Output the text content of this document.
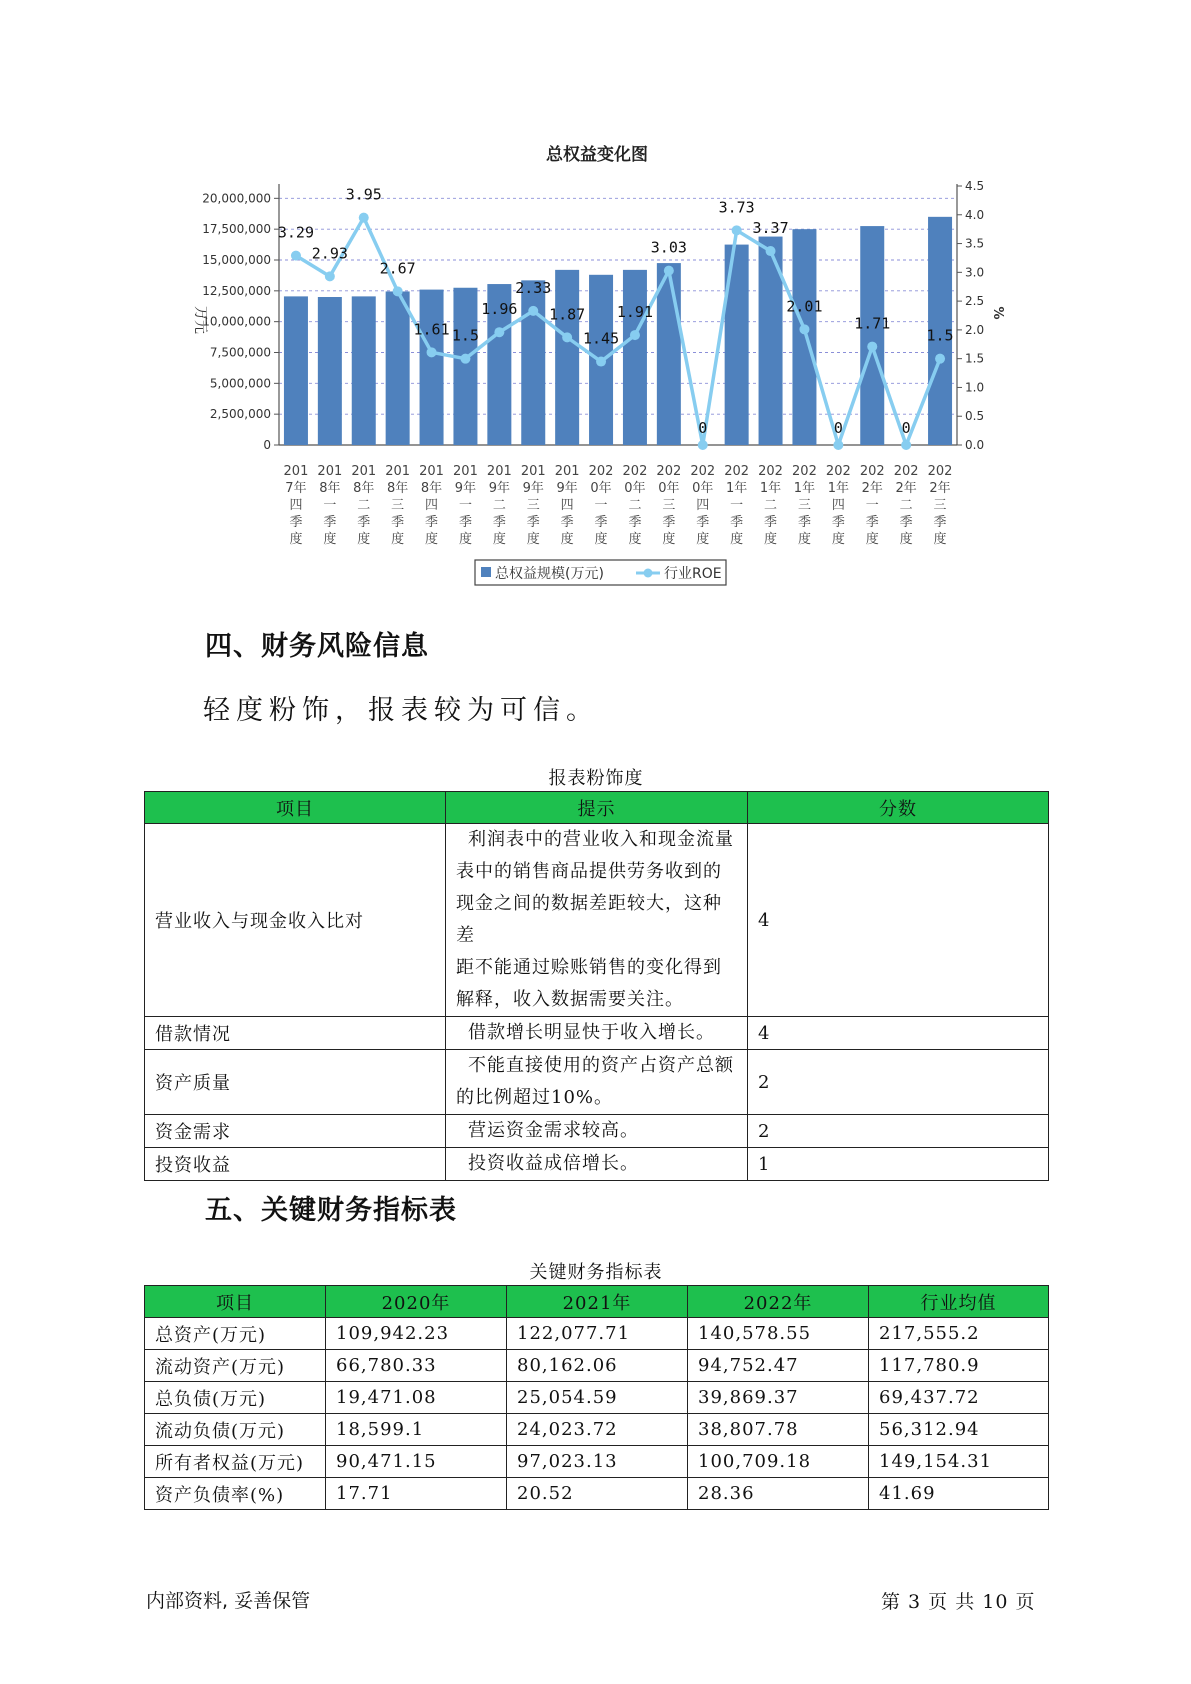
总权益变化图
0
2,500,000
5,000,000
7,500,000
10,000,000
12,500,000
15,000,000
17,500,000
20,000,000
0.0
0.5
1.0
1.5
2.0
2.5
3.0
3.5
4.0
4.5
3.29
2.93
3.95
2.67
1.61 1.5
1.96
2.33
1.87
1.45
1.91
3.03
0
3.73
3.37
2.01
0
1.71
0
1.5
201 7年四季度
201 8年一季度
201 8年二季度
201 8年三季度
201 8年四季度
201 9年一季度
201 9年二季度
201 9年三季度
201 9年四季度
202 0年一季度
202 0年二季度
202 0年三季度
202 0年四季度
202 1年一季度
202 1年二季度
202 1年三季度
202 1年四季度
202 2年一季度
202 2年二季度
202 2年三季度
万元	%
总权益规模(万元)	行业ROE
四、财务风险信息
轻度粉饰，报表较为可信。
报表粉饰度
项目	提示	分数
营业收入与现金收入比对	利润表中的营业收入和现金流量
表中的销售商品提供劳务收到的
现金之间的数据差距较大，这种差
距不能通过赊账销售的变化得到
解释，收入数据需要关注。	4
借款情况	借款增长明显快于收入增长。	4
资产质量	不能直接使用的资产占资产总额
的比例超过10%。	2
资金需求	营运资金需求较高。	2
投资收益	投资收益成倍增长。	1
五、关键财务指标表
关键财务指标表
项目	2020年	2021年	2022年	行业均值
总资产(万元)	109,942.23	122,077.71	140,578.55	217,555.2
流动资产(万元)	66,780.33	80,162.06	94,752.47	117,780.9
总负债(万元)	19,471.08	25,054.59	39,869.37	69,437.72
流动负债(万元)	18,599.1	24,023.72	38,807.78	56,312.94
所有者权益(万元)	90,471.15	97,023.13	100,709.18	149,154.31
资产负债率(%)	17.71	20.52	28.36	41.69
内部资料, 妥善保管	第 3 页 共 10 页
